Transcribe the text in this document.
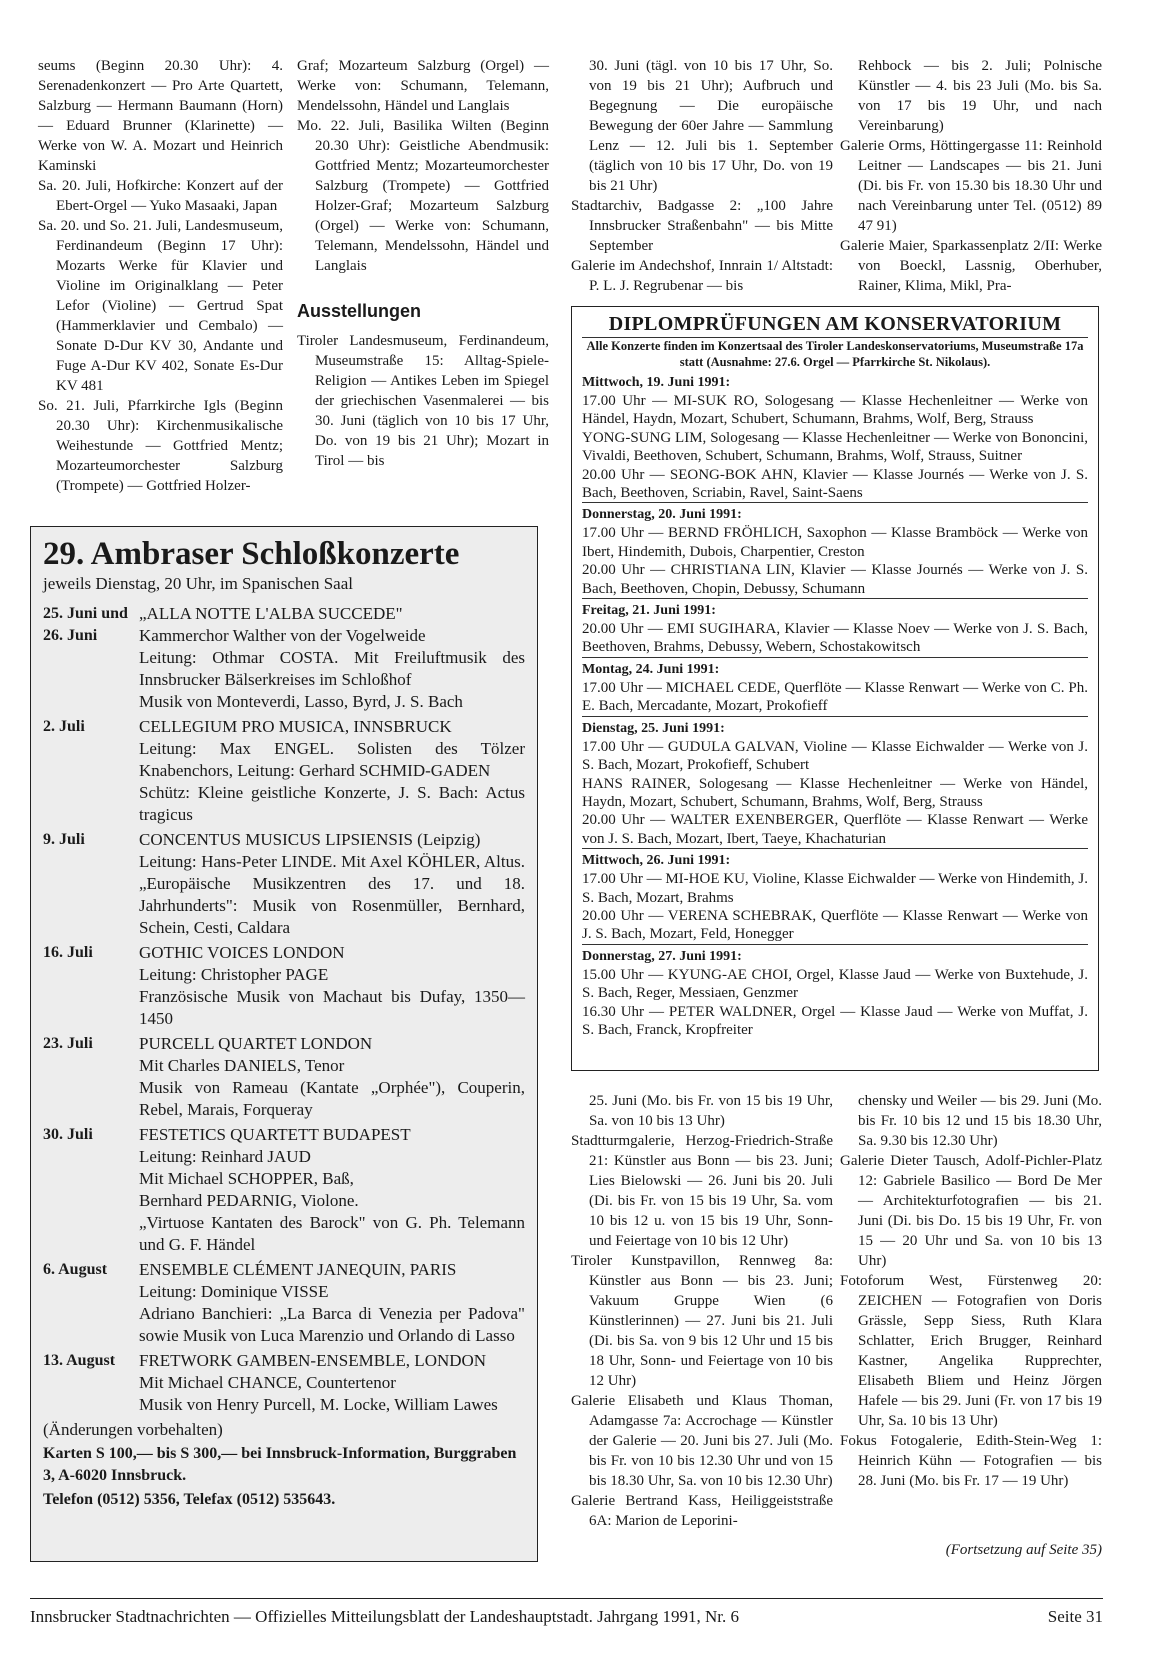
seums (Beginn 20.30 Uhr): 4. Serenadenkonzert — Pro Arte Quartett, Salzburg — Hermann Baumann (Horn) — Eduard Brunner (Klarinette) — Werke von W. A. Mozart und Heinrich Kaminski

Sa. 20. Juli, Hofkirche: Konzert auf der Ebert-Orgel — Yuko Masaaki, Japan

Sa. 20. und So. 21. Juli, Landesmuseum, Ferdinandeum (Beginn 17 Uhr): Mozarts Werke für Klavier und Violine im Originalklang — Peter Lefor (Violine) — Gertrud Spat (Hammerklavier und Cembalo) — Sonate D-Dur KV 30, Andante und Fuge A-Dur KV 402, Sonate Es-Dur KV 481

So. 21. Juli, Pfarrkirche Igls (Beginn 20.30 Uhr): Kirchenmusikalische Weihestunde — Gottfried Mentz; Mozarteumorchester Salzburg (Trompete) — Gottfried Holzer-

Graf; Mozarteum Salzburg (Orgel) — Werke von: Schumann, Telemann, Mendelssohn, Händel und Langlais

Mo. 22. Juli, Basilika Wilten (Beginn 20.30 Uhr): Geistliche Abendmusik: Gottfried Mentz; Mozarteumorchester Salzburg (Trompete) — Gottfried Holzer-Graf; Mozarteum Salzburg (Orgel) — Werke von: Schumann, Telemann, Mendelssohn, Händel und Langlais

Ausstellungen

Tiroler Landesmuseum, Ferdinandeum, Museumstraße 15: Alltag-Spiele-Religion — Antikes Leben im Spiegel der griechischen Vasenmalerei — bis 30. Juni (täglich von 10 bis 17 Uhr, Do. von 19 bis 21 Uhr); Mozart in Tirol — bis

30. Juni (tägl. von 10 bis 17 Uhr, So. von 19 bis 21 Uhr); Aufbruch und Begegnung — Die europäische Bewegung der 60er Jahre — Sammlung Lenz — 12. Juli bis 1. September (täglich von 10 bis 17 Uhr, Do. von 19 bis 21 Uhr)

Stadtarchiv, Badgasse 2: „100 Jahre Innsbrucker Straßenbahn" — bis Mitte September

Galerie im Andechshof, Innrain 1/ Altstadt: P. L. J. Regrubenar — bis

Rehbock — bis 2. Juli; Polnische Künstler — 4. bis 23 Juli (Mo. bis Sa. von 17 bis 19 Uhr, und nach Vereinbarung)

Galerie Orms, Höttingergasse 11: Reinhold Leitner — Landscapes — bis 21. Juni (Di. bis Fr. von 15.30 bis 18.30 Uhr und nach Vereinbarung unter Tel. (0512) 89 47 91)

Galerie Maier, Sparkassenplatz 2/II: Werke von Boeckl, Lassnig, Oberhuber, Rainer, Klima, Mikl, Pra-

29. Ambraser Schloßkonzerte
jeweils Dienstag, 20 Uhr, im Spanischen Saal
25. Juni und 26. Juni
„ALLA NOTTE L'ALBA SUCCEDE"
Kammerchor Walther von der Vogelweide
Leitung: Othmar COSTA. Mit Freiluftmusik des Innsbrucker Bälserkreises im Schloßhof
Musik von Monteverdi, Lasso, Byrd, J. S. Bach
2. Juli	CELLEGIUM PRO MUSICA, INNSBRUCK
Leitung: Max ENGEL. Solisten des Tölzer Knabenchors, Leitung: Gerhard SCHMID-GADEN
Schütz: Kleine geistliche Konzerte, J. S. Bach: Actus tragicus
9. Juli	CONCENTUS MUSICUS LIPSIENSIS (Leipzig)
Leitung: Hans-Peter LINDE. Mit Axel KÖHLER, Altus. „Europäische Musikzentren des 17. und 18. Jahrhunderts": Musik von Rosenmüller, Bernhard, Schein, Cesti, Caldara
16. Juli	GOTHIC VOICES LONDON
Leitung: Christopher PAGE
Französische Musik von Machaut bis Dufay, 1350— 1450
23. Juli	PURCELL QUARTET LONDON
Mit Charles DANIELS, Tenor
Musik von Rameau (Kantate „Orphée"), Couperin, Rebel, Marais, Forqueray
30. Juli	FESTETICS QUARTETT BUDAPEST
Leitung: Reinhard JAUD
Mit Michael SCHOPPER, Baß,
Bernhard PEDARNIG, Violone.
„Virtuose Kantaten des Barock" von G. Ph. Telemann und G. F. Händel
6. August	ENSEMBLE CLÉMENT JANEQUIN, PARIS
Leitung: Dominique VISSE
Adriano Banchieri: „La Barca di Venezia per Padova" sowie Musik von Luca Marenzio und Orlando di Lasso
13. August	FRETWORK GAMBEN-ENSEMBLE, LONDON
Mit Michael CHANCE, Countertenor
Musik von Henry Purcell, M. Locke, William Lawes
(Änderungen vorbehalten)
Karten S 100,— bis S 300,— bei Innsbruck-Information, Burggraben 3, A-6020 Innsbruck.
Telefon (0512) 5356, Telefax (0512) 535643.
DIPLOMPRÜFUNGEN AM KONSERVATORIUM
Alle Konzerte finden im Konzertsaal des Tiroler Landeskonservatoriums, Museumstraße 17a statt (Ausnahme: 27.6. Orgel — Pfarrkirche St. Nikolaus).
Mittwoch, 19. Juni 1991:
17.00 Uhr — MI-SUK RO, Sologesang — Klasse Hechenleitner — Werke von Händel, Haydn, Mozart, Schubert, Schumann, Brahms, Wolf, Berg, Strauss
YONG-SUNG LIM, Sologesang — Klasse Hechenleitner — Werke von Bononcini, Vivaldi, Beethoven, Schubert, Schumann, Brahms, Wolf, Strauss, Suitner
20.00 Uhr — SEONG-BOK AHN, Klavier — Klasse Journés — Werke von J. S. Bach, Beethoven, Scriabin, Ravel, Saint-Saens
Donnerstag, 20. Juni 1991:
17.00 Uhr — BERND FRÖHLICH, Saxophon — Klasse Bramböck — Werke von Ibert, Hindemith, Dubois, Charpentier, Creston
20.00 Uhr — CHRISTIANA LIN, Klavier — Klasse Journés — Werke von J. S. Bach, Beethoven, Chopin, Debussy, Schumann
Freitag, 21. Juni 1991:
20.00 Uhr — EMI SUGIHARA, Klavier — Klasse Noev — Werke von J. S. Bach, Beethoven, Brahms, Debussy, Webern, Schostakowitsch
Montag, 24. Juni 1991:
17.00 Uhr — MICHAEL CEDE, Querflöte — Klasse Renwart — Werke von C. Ph. E. Bach, Mercadante, Mozart, Prokofieff
Dienstag, 25. Juni 1991:
17.00 Uhr — GUDULA GALVAN, Violine — Klasse Eichwalder — Werke von J. S. Bach, Mozart, Prokofieff, Schubert
HANS RAINER, Sologesang — Klasse Hechenleitner — Werke von Händel, Haydn, Mozart, Schubert, Schumann, Brahms, Wolf, Berg, Strauss
20.00 Uhr — WALTER EXENBERGER, Querflöte — Klasse Renwart — Werke von J. S. Bach, Mozart, Ibert, Taeye, Khachaturian
Mittwoch, 26. Juni 1991:
17.00 Uhr — MI-HOE KU, Violine, Klasse Eichwalder — Werke von Hindemith, J. S. Bach, Mozart, Brahms
20.00 Uhr — VERENA SCHEBRAK, Querflöte — Klasse Renwart — Werke von J. S. Bach, Mozart, Feld, Honegger
Donnerstag, 27. Juni 1991:
15.00 Uhr — KYUNG-AE CHOI, Orgel, Klasse Jaud — Werke von Buxtehude, J. S. Bach, Reger, Messiaen, Genzmer
16.30 Uhr — PETER WALDNER, Orgel — Klasse Jaud — Werke von Muffat, J. S. Bach, Franck, Kropfreiter

25. Juni (Mo. bis Fr. von 15 bis 19 Uhr, Sa. von 10 bis 13 Uhr)

Stadtturmgalerie, Herzog-Friedrich-Straße 21: Künstler aus Bonn — bis 23. Juni; Lies Bielowski — 26. Juni bis 20. Juli (Di. bis Fr. von 15 bis 19 Uhr, Sa. vom 10 bis 12 u. von 15 bis 19 Uhr, Sonn- und Feiertage von 10 bis 12 Uhr)

Tiroler Kunstpavillon, Rennweg 8a: Künstler aus Bonn — bis 23. Juni; Vakuum Gruppe Wien (6 Künstlerinnen) — 27. Juni bis 21. Juli (Di. bis Sa. von 9 bis 12 Uhr und 15 bis 18 Uhr, Sonn- und Feiertage von 10 bis 12 Uhr)

Galerie Elisabeth und Klaus Thoman, Adamgasse 7a: Accrochage — Künstler der Galerie — 20. Juni bis 27. Juli (Mo. bis Fr. von 10 bis 12.30 Uhr und von 15 bis 18.30 Uhr, Sa. von 10 bis 12.30 Uhr)

Galerie Bertrand Kass, Heiliggeiststraße 6A: Marion de Leporini-

chensky und Weiler — bis 29. Juni (Mo. bis Fr. 10 bis 12 und 15 bis 18.30 Uhr, Sa. 9.30 bis 12.30 Uhr)

Galerie Dieter Tausch, Adolf-Pichler-Platz 12: Gabriele Basilico — Bord De Mer — Architekturfotografien — bis 21. Juni (Di. bis Do. 15 bis 19 Uhr, Fr. von 15 — 20 Uhr und Sa. von 10 bis 13 Uhr)

Fotoforum West, Fürstenweg 20: ZEICHEN — Fotografien von Doris Grässle, Sepp Siess, Ruth Klara Schlatter, Erich Brugger, Reinhard Kastner, Angelika Rupprechter, Elisabeth Bliem und Heinz Jörgen Hafele — bis 29. Juni (Fr. von 17 bis 19 Uhr, Sa. 10 bis 13 Uhr)

Fokus Fotogalerie, Edith-Stein-Weg 1: Heinrich Kühn — Fotografien — bis 28. Juni (Mo. bis Fr. 17 — 19 Uhr)

(Fortsetzung auf Seite 35)
Innsbrucker Stadtnachrichten — Offizielles Mitteilungsblatt der Landeshauptstadt. Jahrgang 1991, Nr. 6	Seite 31
